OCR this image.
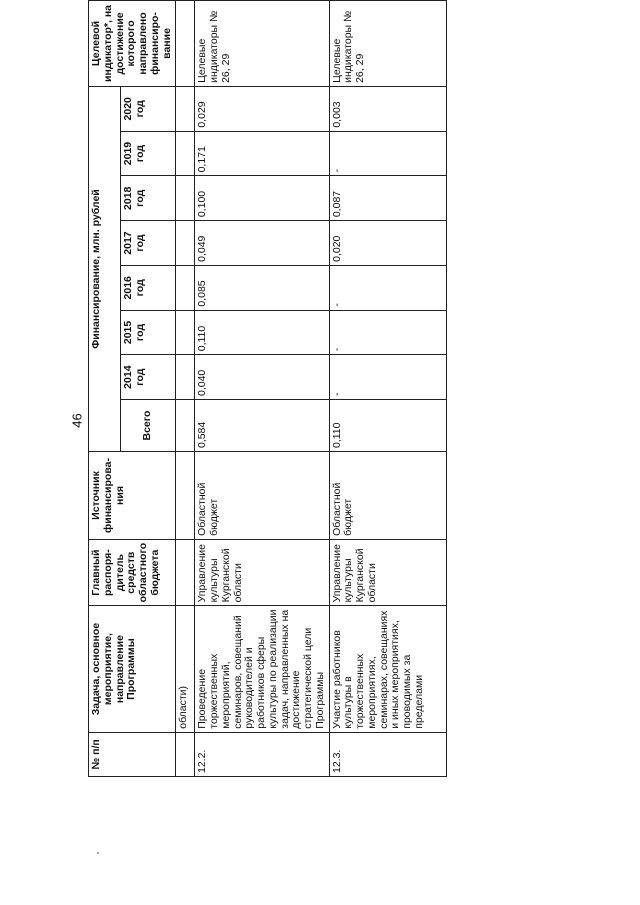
46
№ п/п	Задача, основное мероприятие, направление Программы	Главный распоря-дитель средств областного бюджета	Источник финансирова-ния	Финансирование, млн. рублей								Целевой индикатор*, на достижение которого направлено финансиро-вание
				Всего	2014 год	2015 год	2016 год	2017 год	2018 год	2019 год	2020 год	
	области)											
12.2.	Проведение торжественных мероприятий, семинаров, совещаний руководителей и работников сферы культуры по реализации задач, направленных на достижение стратегической цели Программы	Управление культуры Курганской области	Областной бюджет	0,584	0,040	0,110	0,085	0,049	0,100	0,171	0,029	Целевые индикаторы № 26, 29
12.3.	Участие работников культуры в торжественных мероприятиях, семинарах, совещаниях и иных мероприятиях, проводимых за пределами	Управление культуры Курганской области	Областной бюджет	0,110	-	-	-	0,020	0,087	-	0,003	Целевые индикаторы № 26, 29
